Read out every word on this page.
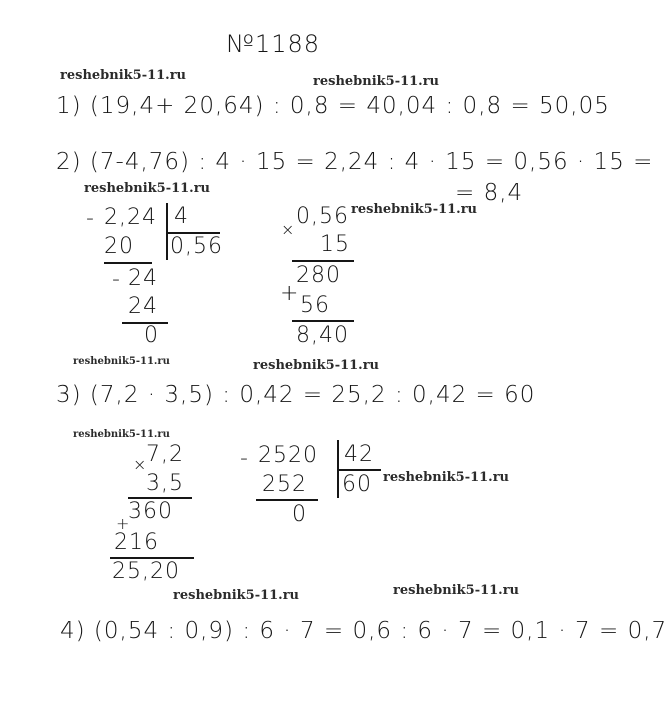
№1188
reshebnik5-11.ru	reshebnik5-11.ru
reshebnik5-11.ru
reshebnik5-11.ru
reshebnik5-11.ru	reshebnik5-11.ru
reshebnik5-11.ru
reshebnik5-11.ru
reshebnik5-11.ru	reshebnik5-11.ru
1) (19,4+ 20,64) : 0,8 = 40,04 : 0,8 = 50,05
2) (7-4,76) : 4 · 15 = 2,24 : 4 · 15 = 0,56 · 15 =
= 8,4
- 2,24 4
20 0,56
- 24
24
0
×
0,56
15
280
+ 56
8,40
3) (7,2 · 3,5) : 0,42 = 25,2 : 0,42 = 60
×
7,2
3,5
360
+
216
25,20
- 2520 42
252 60
0
4) (0,54 : 0,9) : 6 · 7 = 0,6 : 6 · 7 = 0,1 · 7 = 0,7
